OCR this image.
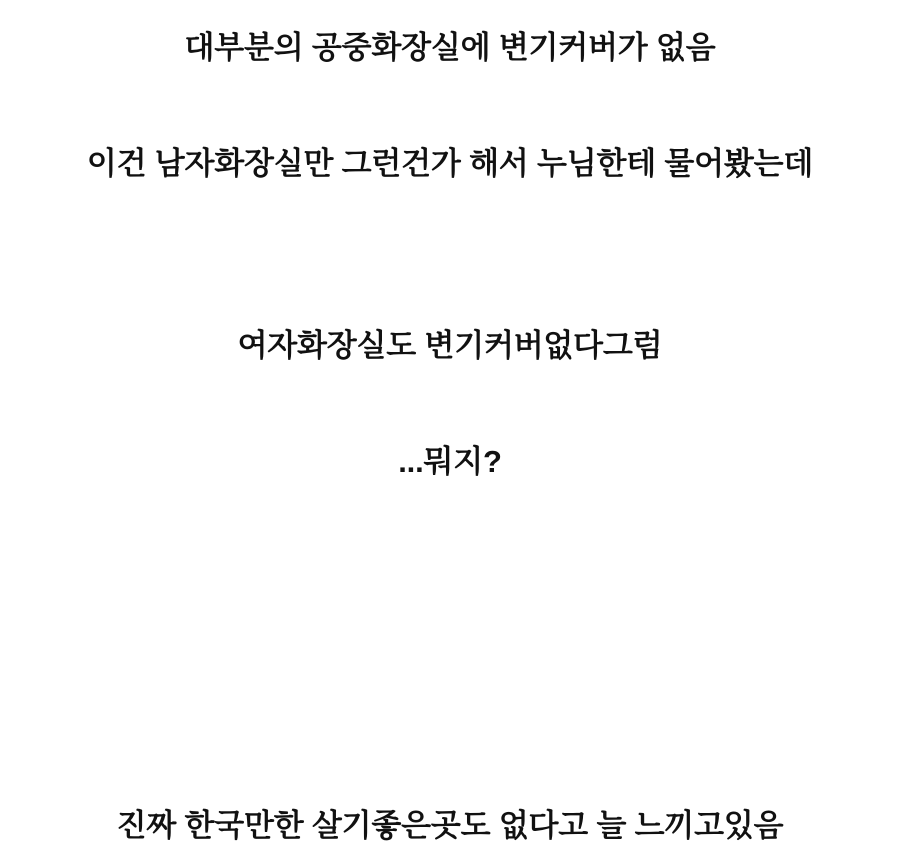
대부분의 공중화장실에 변기커버가 없음
이건 남자화장실만 그런건가 해서 누님한테 물어봤는데
여자화장실도 변기커버없다그럼
...뭐지?
진짜 한국만한 살기좋은곳도 없다고 늘 느끼고있음
